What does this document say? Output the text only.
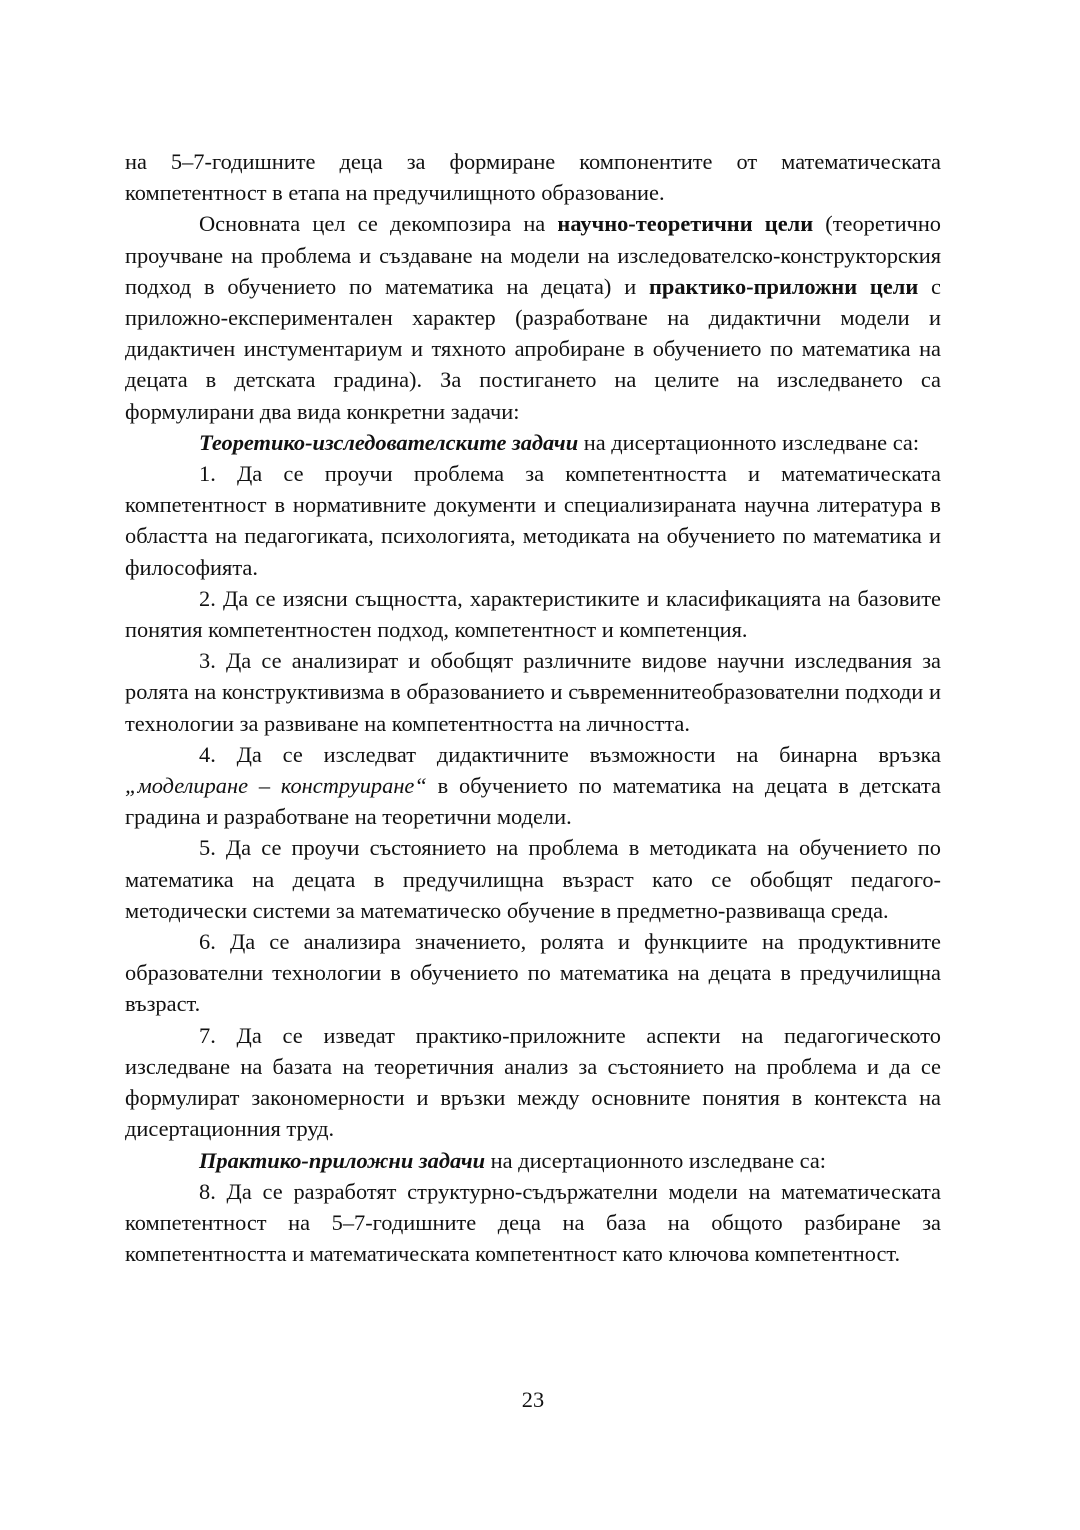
на 5–7-годишните деца за формиране компонентите от математическата компетентност в етапа на предучилищното образование.

Основната цел се декомпозира на научно-теоретични цели (теоретично проучване на проблема и създаване на модели на изследователско-конструкторския подход в обучението по математика на децата) и практико-приложни цели с приложно-експериментален характер (разработване на дидактични модели и дидактичен инстументариум и тяхното апробиране в обучението по математика на децата в детската градина). За постигането на целите на изследването са формулирани два вида конкретни задачи:

Теоретико-изследователските задачи на дисертационното изследване са:

1. Да се проучи проблема за компетентността и математическата компетентност в нормативните документи и специализираната научна литература в областта на педагогиката, психологията, методиката на обучението по математика и философията.

2. Да се изясни същността, характеристиките и класификацията на базовите понятия компетентностен подход, компетентност и компетенция.

3. Да се анализират и обобщят различните видове научни изследвания за ролята на конструктивизма в образованието и съвременнитеобразователни подходи и технологии за развиване на компетентността на личността.

4. Да се изследват дидактичните възможности на бинарна връзка „моделиране – конструиране“ в обучението по математика на децата в детската градина и разработване на теоретични модели.

5. Да се проучи състоянието на проблема в методиката на обучението по математика на децата в предучилищна възраст като се обобщят педагого-методически системи за математическо обучение в предметно-развиваща среда.

6. Да се анализира значението, ролята и функциите на продуктивните образователни технологии в обучението по математика на децата в предучилищна възраст.

7. Да се изведат практико-приложните аспекти на педагогическото изследване на базата на теоретичния анализ за състоянието на проблема и да се формулират закономерности и връзки между основните понятия в контекста на дисертационния труд.

Практико-приложни задачи на дисертационното изследване са:

8. Да се разработят структурно-съдържателни модели на математическата компетентност на 5–7-годишните деца на база на общото разбиране за компетентността и математическата компетентност като ключова компетентност.

23
